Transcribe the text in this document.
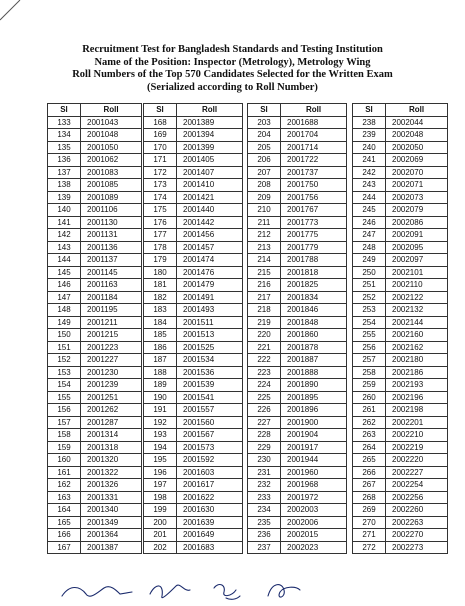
Recruitment Test for Bangladesh Standards and Testing Institution
Name of the Position: Inspector (Metrology), Metrology Wing
Roll Numbers of the Top 570 Candidates Selected for the Written Exam
(Serialized according to Roll Number)
Sl	Roll
133	2001043
134	2001048
135	2001050
136	2001062
137	2001083
138	2001085
139	2001089
140	2001106
141	2001130
142	2001131
143	2001136
144	2001137
145	2001145
146	2001163
147	2001184
148	2001195
149	2001211
150	2001215
151	2001223
152	2001227
153	2001230
154	2001239
155	2001251
156	2001262
157	2001287
158	2001314
159	2001318
160	2001320
161	2001322
162	2001326
163	2001331
164	2001340
165	2001349
166	2001364
167	2001387
Sl	Roll
168	2001389
169	2001394
170	2001399
171	2001405
172	2001407
173	2001410
174	2001421
175	2001440
176	2001442
177	2001456
178	2001457
179	2001474
180	2001476
181	2001479
182	2001491
183	2001493
184	2001511
185	2001513
186	2001525
187	2001534
188	2001536
189	2001539
190	2001541
191	2001557
192	2001560
193	2001567
194	2001573
195	2001592
196	2001603
197	2001617
198	2001622
199	2001630
200	2001639
201	2001649
202	2001683
Sl	Roll
203	2001688
204	2001704
205	2001714
206	2001722
207	2001737
208	2001750
209	2001756
210	2001767
211	2001773
212	2001775
213	2001779
214	2001788
215	2001818
216	2001825
217	2001834
218	2001846
219	2001848
220	2001860
221	2001878
222	2001887
223	2001888
224	2001890
225	2001895
226	2001896
227	2001900
228	2001904
229	2001917
230	2001944
231	2001960
232	2001968
233	2001972
234	2002003
235	2002006
236	2002015
237	2002023
Sl	Roll
238	2002044
239	2002048
240	2002050
241	2002069
242	2002070
243	2002071
244	2002073
245	2002079
246	2002086
247	2002091
248	2002095
249	2002097
250	2002101
251	2002110
252	2002122
253	2002132
254	2002144
255	2002160
256	2002162
257	2002180
258	2002186
259	2002193
260	2002196
261	2002198
262	2002201
263	2002210
264	2002219
265	2002220
266	2002227
267	2002254
268	2002256
269	2002260
270	2002263
271	2002270
272	2002273
